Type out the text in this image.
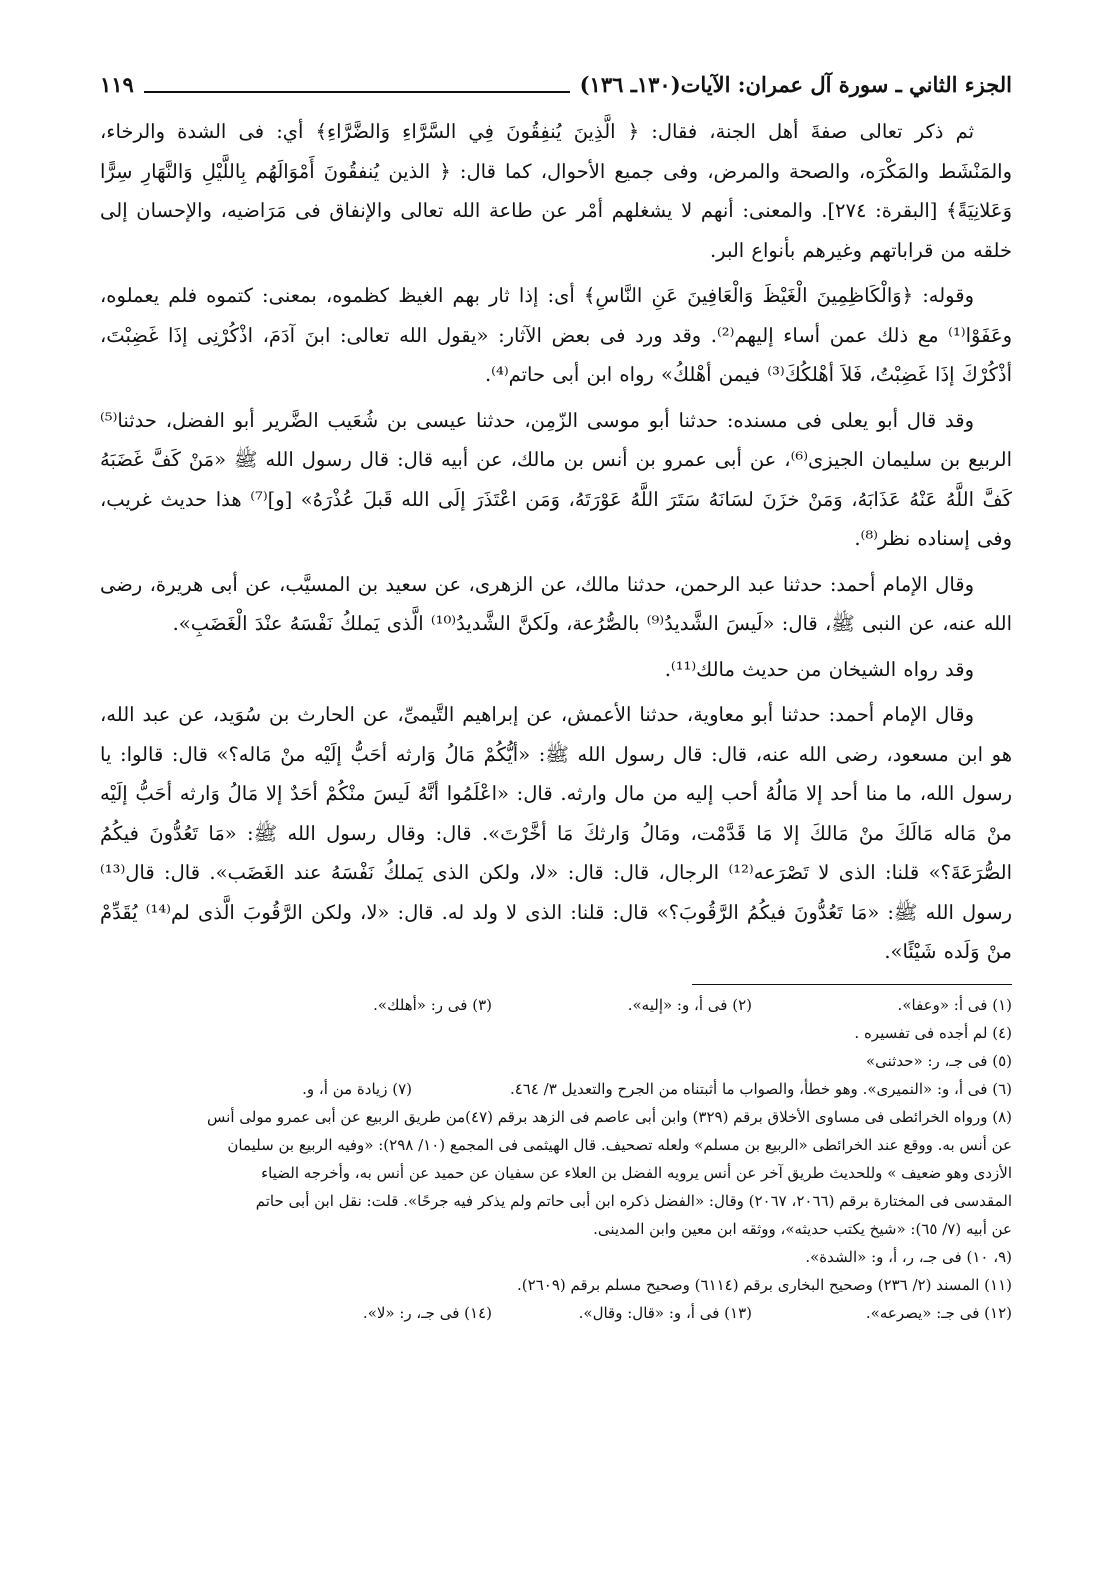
الجزء الثاني ـ سورة آل عمران: الآيات(١٣٠ـ ١٣٦)
١١٩

ثم ذكر تعالى صفةَ أهل الجنة، فقال: ﴿ الَّذِينَ يُنفِقُونَ فِي السَّرَّاءِ وَالضَّرَّاءِ﴾ أي: فى الشدة والرخاء، والمَنْشَط والمَكْرَه، والصحة والمرض، وفى جميع الأحوال، كما قال: ﴿ الذين يُنفقُونَ أَمْوَالَهُم بِاللَّيْلِ وَالنَّهَارِ سِرًّا وَعَلانِيَةً﴾ [البقرة: ٢٧٤]. والمعنى: أنهم لا يشغلهم أمْر عن طاعة الله تعالى والإنفاق فى مَرَاضيه، والإحسان إلى خلقه من قراباتهم وغيرهم بأنواع البر.

وقوله: ﴿وَالْكَاظِمِينَ الْغَيْظَ وَالْعَافِينَ عَنِ النَّاسِ﴾ أى: إذا ثار بهم الغيظ كظموه، بمعنى: كتموه فلم يعملوه، وعَفَوْا⁽¹⁾ مع ذلك عمن أساء إليهم⁽²⁾. وقد ورد فى بعض الآثار: «يقول الله تعالى: ابنَ آدَمَ، اذْكُرْنِى إذَا غَضِبْتَ، أذْكُرْكَ إذَا غَضِبْتُ، فَلاَ أهْلكُكَ⁽³⁾ فيمن أهْلكُ» رواه ابن أبى حاتم⁽⁴⁾.

وقد قال أبو يعلى فى مسنده: حدثنا أبو موسى الزّمِن، حدثنا عيسى بن شُعَيب الضَّرير أبو الفضل، حدثنا⁽⁵⁾ الربيع بن سليمان الجيزى⁽⁶⁾، عن أبى عمرو بن أنس بن مالك، عن أبيه قال: قال رسول الله ﷺ «مَنْ كَفَّ غَضَبَهُ كَفَّ اللَّهُ عَنْهُ عَذَابَهُ، وَمَنْ خزَنَ لسَانَهُ سَتَرَ اللَّهُ عَوْرَتَهُ، وَمَن اعْتَذَرَ إلَى الله قَبلَ عُذْرَهُ» [و]⁽⁷⁾ هذا حديث غريب، وفى إسناده نظر⁽⁸⁾.

وقال الإمام أحمد: حدثنا عبد الرحمن، حدثنا مالك، عن الزهرى، عن سعيد بن المسيَّب، عن أبى هريرة، رضى الله عنه، عن النبى ﷺ، قال: «لَيسَ الشَّديدُ⁽⁹⁾ بالصُّرُعة، ولَكنَّ الشَّديدُ⁽¹⁰⁾ الَّذى يَملكُ نَفْسَهُ عنْدَ الْغَضَبِ».

وقد رواه الشيخان من حديث مالك⁽¹¹⁾.

وقال الإمام أحمد: حدثنا أبو معاوية، حدثنا الأعمش، عن إبراهيم التَّيمىِّ، عن الحارث بن سُوَيد، عن عبد الله، هو ابن مسعود، رضى الله عنه، قال: قال رسول الله ﷺ: «أيُّكُمْ مَالُ وَارثه أحَبُّ إلَيْه منْ مَاله؟» قال: قالوا: يا رسول الله، ما منا أحد إلا مَالُهُ أحب إليه من مال وارثه. قال: «اعْلَمُوا أنَّهُ لَيسَ منْكُمْ أحَدٌ إلا مَالُ وَارثه أحَبُّ إلَيْه منْ مَاله مَالَكَ منْ مَالكَ إلا مَا قَدَّمْت، ومَالُ وَارثكَ مَا أخَّرْتَ». قال: وقال رسول الله ﷺ: «مَا تَعُدُّونَ فيكُمُ الصُّرَعَةَ؟» قلنا: الذى لا تَصْرَعه⁽¹²⁾ الرجال، قال: قال: «لا، ولكن الذى يَملكُ نَفْسَهُ عند الغَضَب». قال: قال⁽¹³⁾ رسول الله ﷺ: «مَا تَعُدُّونَ فيكُمُ الرَّقُوبَ؟» قال: قلنا: الذى لا ولد له. قال: «لا، ولكن الرَّقُوبَ الَّذى لم⁽¹⁴⁾ يُقَدِّمْ منْ وَلَده شَيْئًا».

(١) فى أ: «وعفا».
(٢) فى أ، و: «إليه».
(٣) فى ر: «أهلك».
(٤) لم أجده فى تفسيره .
(٥) فى جـ، ر: «حدثنى»
(٦) فى أ، و: «النميرى». وهو خطأ، والصواب ما أثبتناه من الجرح والتعديل ٣/ ٤٦٤.
(٧) زيادة من أ، و.
(٨) ورواه الخرائطى فى مساوى الأخلاق برقم (٣٢٩) وابن أبى عاصم فى الزهد برقم (٤٧)من طريق الربيع عن أبى عمرو مولى أنس
عن أنس به. ووقع عند الخرائطى «الربيع بن مسلم» ولعله تصحيف. قال الهيثمى فى المجمع (١٠/ ٢٩٨): «وفيه الربيع بن سليمان
الأزدى وهو ضعيف » وللحديث طريق آخر عن أنس يرويه الفضل بن العلاء عن سفيان عن حميد عن أنس به، وأخرجه الضياء
المقدسى فى المختارة برقم (٢٠٦٦، ٢٠٦٧) وقال: «الفضل ذكره ابن أبى حاتم ولم يذكر فيه جرحًا». قلت: نقل ابن أبى حاتم
عن أبيه (٧/ ٦٥): «شيخ يكتب حديثه»، ووثقه ابن معين وابن المدينى.
(٩، ١٠) فى جـ، ر، أ، و: «الشدة».
(١١) المسند (٢/ ٢٣٦) وصحيح البخارى برقم (٦١١٤) وصحيح مسلم برقم (٢٦٠٩).
(١٢) فى جـ: «يصرعه».
(١٣) فى أ، و: «قال: وقال».
(١٤) فى جـ، ر: «لا».
